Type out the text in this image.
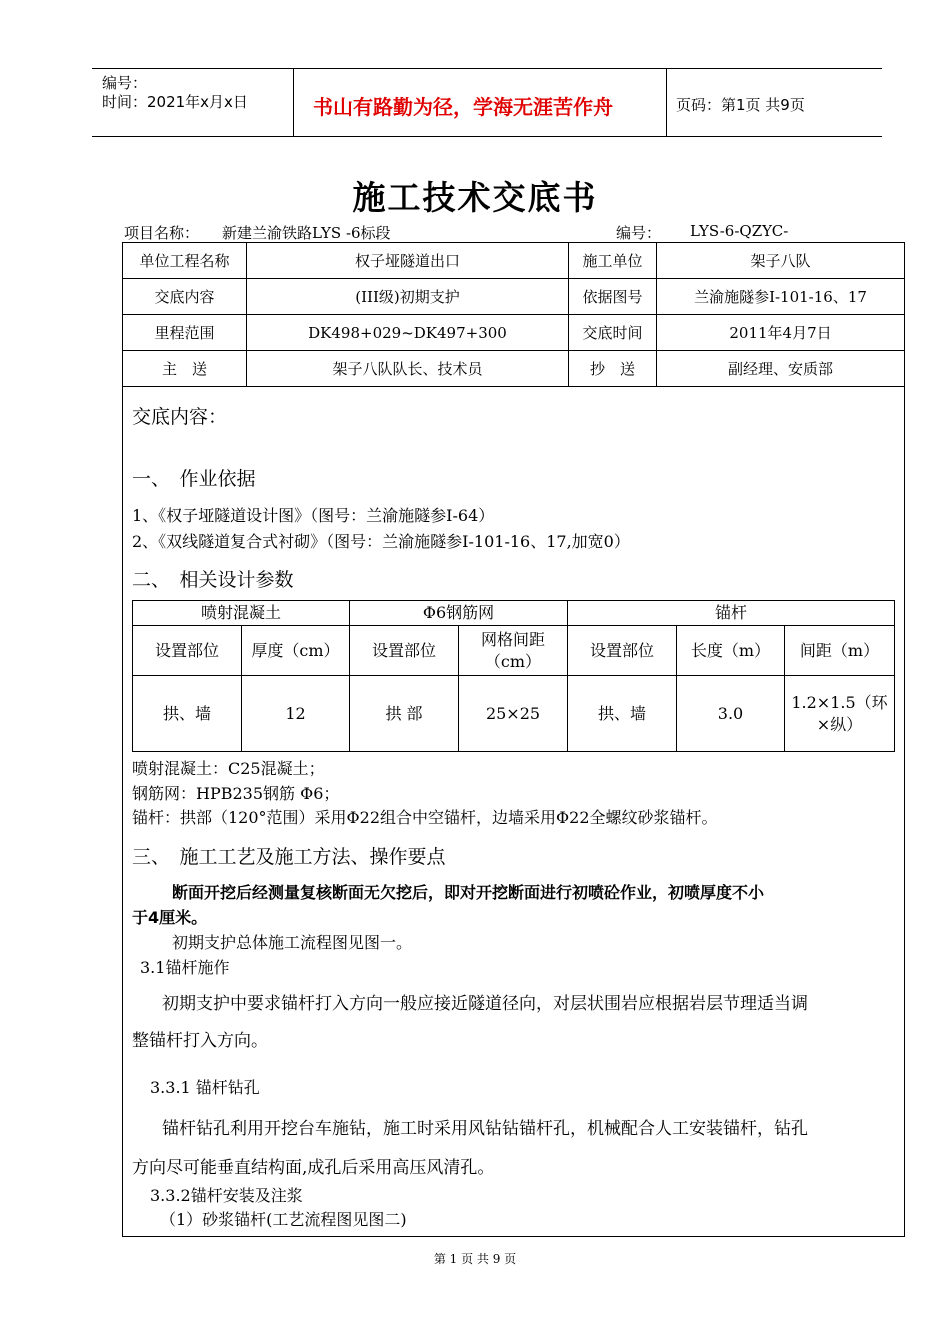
编号：
时间：2021年x月x日	书山有路勤为径，学海无涯苦作舟	页码：第1页 共9页
施工技术交底书
项目名称： 新建兰渝铁路LYS -6标段	编号： LYS-6-QZYC-
单位工程名称	权子垭隧道出口	施工单位	架子八队
交底内容	(III级)初期支护	依据图号	兰渝施隧参I-101-16、17
里程范围	DK498+029~DK497+300	交底时间	2011年4月7日
主　送	架子八队队长、技术员	抄　送	副经理、安质部
交底内容：
一、　作业依据
1、《权子垭隧道设计图》（图号：兰渝施隧参I-64）
2、《双线隧道复合式衬砌》（图号：兰渝施隧参I-101-16、17,加宽0）
二、　相关设计参数
喷射混凝土		Φ6钢筋网		锚杆		
设置部位	厚度（cm）	设置部位	网格间距（cm）	设置部位	长度（m）	间距（m）
拱、墙	12	拱 部	25×25	拱、墙	3.0	1.2×1.5（环×纵）
喷射混凝土：C25混凝土；
钢筋网：HPB235钢筋 Φ6；
锚杆：拱部（120°范围）采用Φ22组合中空锚杆，边墙采用Φ22全螺纹砂浆锚杆。
三、　施工工艺及施工方法、操作要点
断面开挖后经测量复核断面无欠挖后，即对开挖断面进行初喷砼作业，初喷厚度不小
于4厘米。
初期支护总体施工流程图见图一。
3.1锚杆施作
初期支护中要求锚杆打入方向一般应接近隧道径向，对层状围岩应根据岩层节理适当调
整锚杆打入方向。
3.3.1 锚杆钻孔
锚杆钻孔利用开挖台车施钻，施工时采用风钻钻锚杆孔，机械配合人工安装锚杆，钻孔
方向尽可能垂直结构面,成孔后采用高压风清孔。
3.3.2锚杆安装及注浆
（1）砂浆锚杆(工艺流程图见图二)
第 1 页 共 9 页
